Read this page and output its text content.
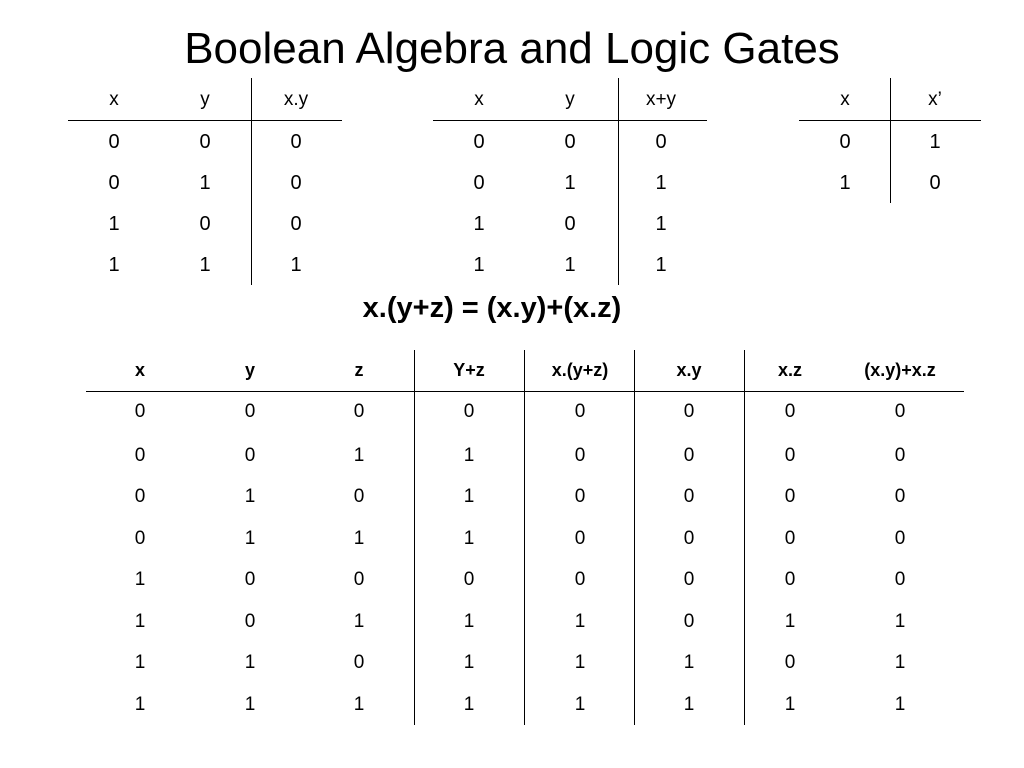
Boolean Algebra and Logic Gates
x	y	x.y
0	0	0
0	1	0
1	0	0
1	1	1
x	y	x+y
0	0	0
0	1	1
1	0	1
1	1	1
x	x’
0	1
1	0
x.(y+z) = (x.y)+(x.z)
x	y	z	Y+z	x.(y+z)	x.y	x.z	(x.y)+x.z
0	0	0	0	0	0	0	0
0	0	1	1	0	0	0	0
0	1	0	1	0	0	0	0
0	1	1	1	0	0	0	0
1	0	0	0	0	0	0	0
1	0	1	1	1	0	1	1
1	1	0	1	1	1	0	1
1	1	1	1	1	1	1	1
